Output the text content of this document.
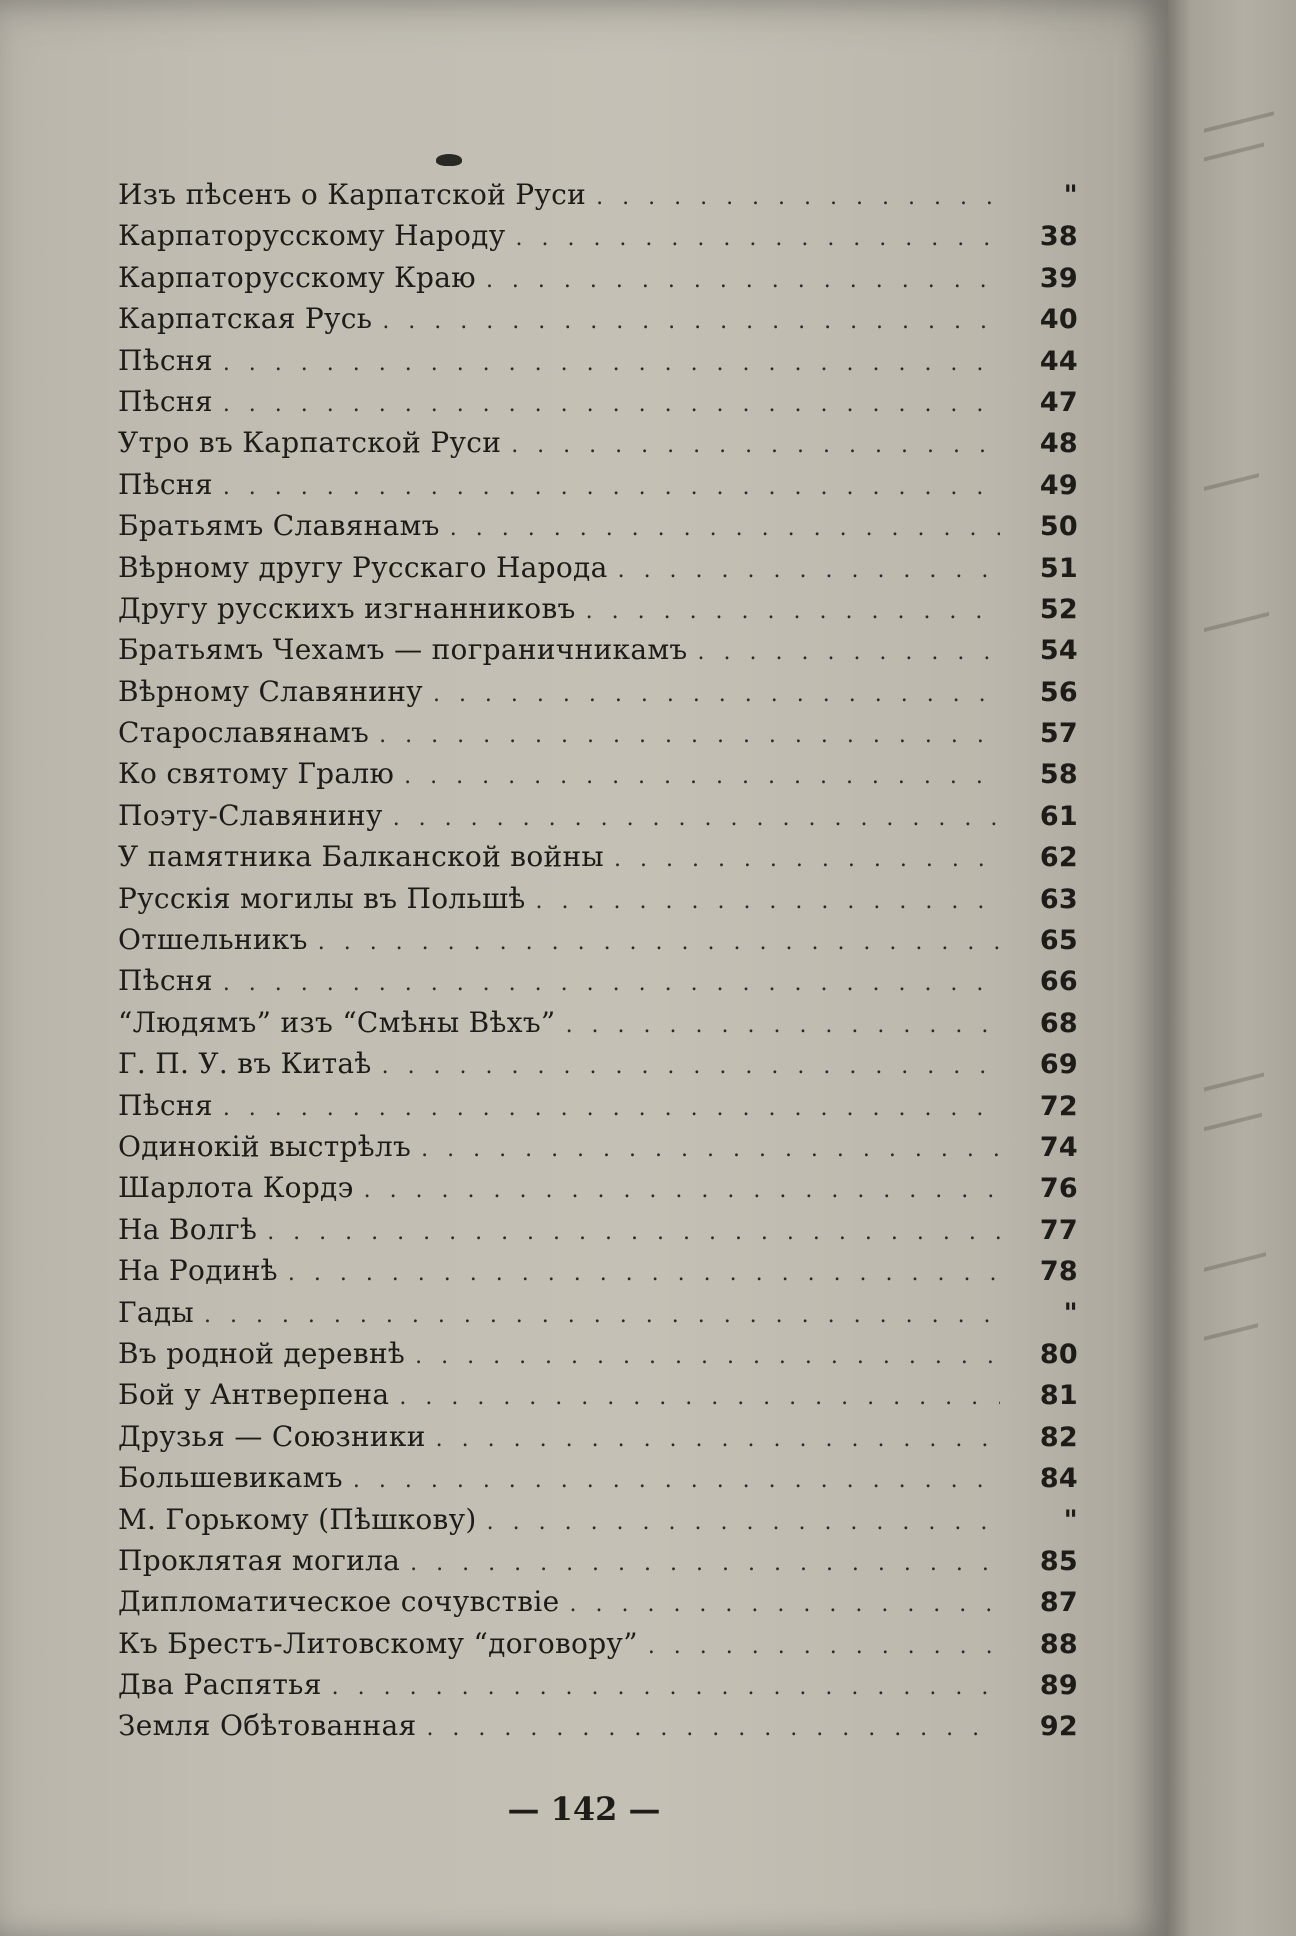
Изъ пѣсенъ о Карпатской Руси . . .	"
Карпаторусскому Народу . . .	38
Карпаторусскому Краю . . .	39
Карпатская Русь . . .	40
Пѣсня . . .	44
Пѣсня . . .	47
Утро въ Карпатской Руси . . .	48
Пѣсня . . .	49
Братьямъ Славянамъ . . .	50
Вѣрному другу Русскаго Народа . . .	51
Другу русскихъ изгнанниковъ . . .	52
Братьямъ Чехамъ — пограничникамъ . . .	54
Вѣрному Славянину . . .	56
Старославянамъ . . .	57
Ко святому Гралю . . .	58
Поэту-Славянину . . .	61
У памятника Балканской войны . . .	62
Русскія могилы въ Польшѣ . . .	63
Отшельникъ . . .	65
Пѣсня . . .	66
“Людямъ” изъ “Смѣны Вѣхъ” . . .	68
Г. П. У. въ Китаѣ . . .	69
Пѣсня . . .	72
Одинокій выстрѣлъ . . .	74
Шарлота Кордэ . . .	76
На Волгѣ . . .	77
На Родинѣ . . .	78
Гады . . .	"
Въ родной деревнѣ . . .	80
Бой у Антверпена . . .	81
Друзья — Союзники . . .	82
Большевикамъ . . .	84
М. Горькому (Пѣшкову) . . .	"
Проклятая могила . . .	85
Дипломатическое сочувствіе . . .	87
Къ Брестъ-Литовскому “договору” . . .	88
Два Распятья . . .	89
Земля Обѣтованная . . .	92
— 142 —
